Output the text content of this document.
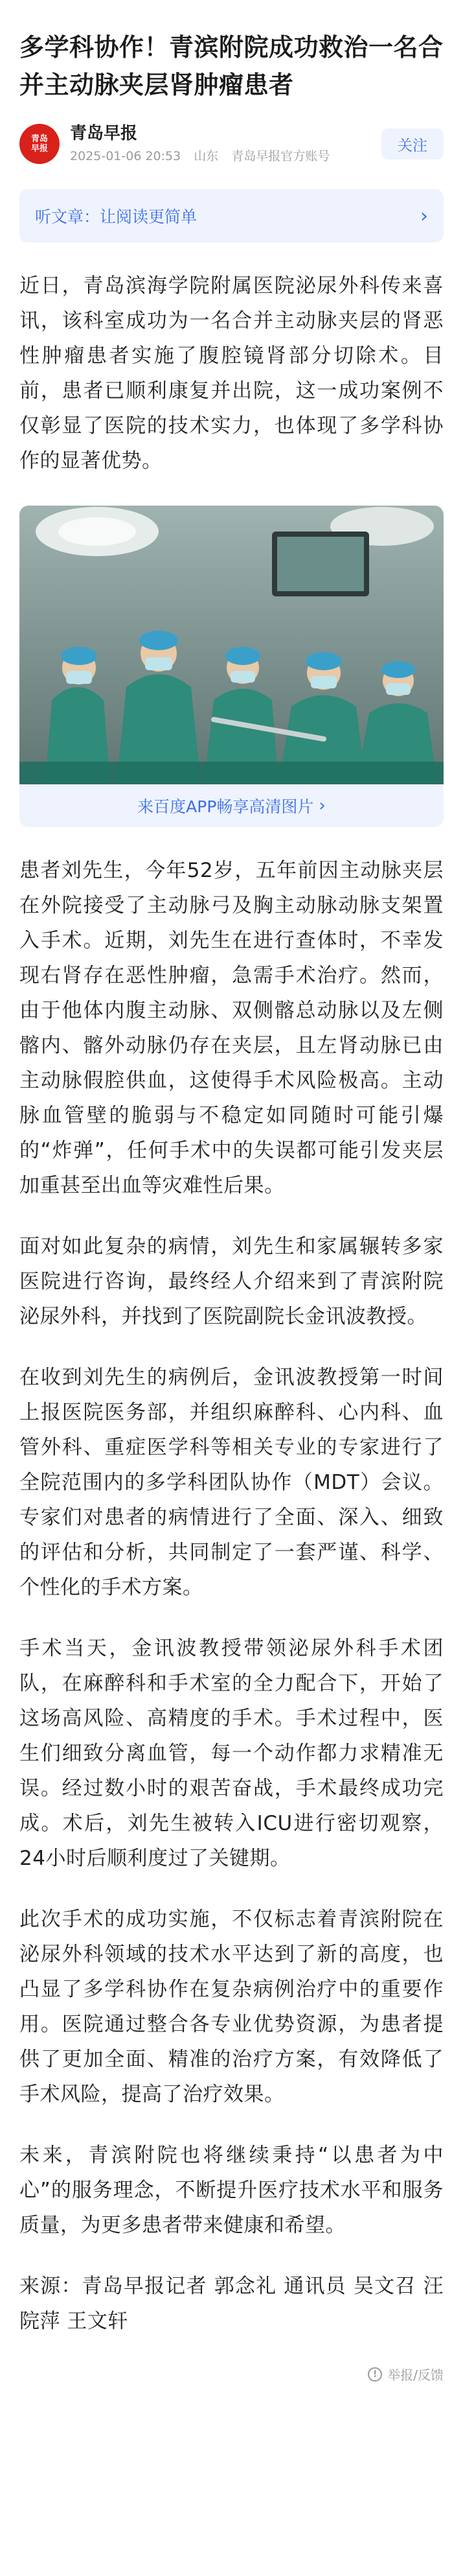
多学科协作！青滨附院成功救治一名合并主动脉夹层肾肿瘤患者
青岛
早报
青岛早报
2025-01-06 20:53 山东 青岛早报官方账号
关注
听文章：让阅读更简单	›

近日，青岛滨海学院附属医院泌尿外科传来喜讯，该科室成功为一名合并主动脉夹层的肾恶性肿瘤患者实施了腹腔镜肾部分切除术。目前，患者已顺利康复并出院，这一成功案例不仅彰显了医院的技术实力，也体现了多学科协作的显著优势。

来百度APP畅享高清图片 ›

患者刘先生，今年52岁，五年前因主动脉夹层在外院接受了主动脉弓及胸主动脉动脉支架置入手术。近期，刘先生在进行查体时，不幸发现右肾存在恶性肿瘤，急需手术治疗。然而，由于他体内腹主动脉、双侧髂总动脉以及左侧髂内、髂外动脉仍存在夹层，且左肾动脉已由主动脉假腔供血，这使得手术风险极高。主动脉血管壁的脆弱与不稳定如同随时可能引爆的“炸弹”，任何手术中的失误都可能引发夹层加重甚至出血等灾难性后果。

面对如此复杂的病情，刘先生和家属辗转多家医院进行咨询，最终经人介绍来到了青滨附院泌尿外科，并找到了医院副院长金讯波教授。

在收到刘先生的病例后，金讯波教授第一时间上报医院医务部，并组织麻醉科、心内科、血管外科、重症医学科等相关专业的专家进行了全院范围内的多学科团队协作（MDT）会议。专家们对患者的病情进行了全面、深入、细致的评估和分析，共同制定了一套严谨、科学、个性化的手术方案。

手术当天，金讯波教授带领泌尿外科手术团队，在麻醉科和手术室的全力配合下，开始了这场高风险、高精度的手术。手术过程中，医生们细致分离血管，每一个动作都力求精准无误。经过数小时的艰苦奋战，手术最终成功完成。术后，刘先生被转入ICU进行密切观察，24小时后顺利度过了关键期。

此次手术的成功实施，不仅标志着青滨附院在泌尿外科领域的技术水平达到了新的高度，也凸显了多学科协作在复杂病例治疗中的重要作用。医院通过整合各专业优势资源，为患者提供了更加全面、精准的治疗方案，有效降低了手术风险，提高了治疗效果。

未来，青滨附院也将继续秉持“以患者为中心”的服务理念，不断提升医疗技术水平和服务质量，为更多患者带来健康和希望。

来源：青岛早报记者 郭念礼 通讯员 吴文召 汪院萍 王文轩

! 举报/反馈
